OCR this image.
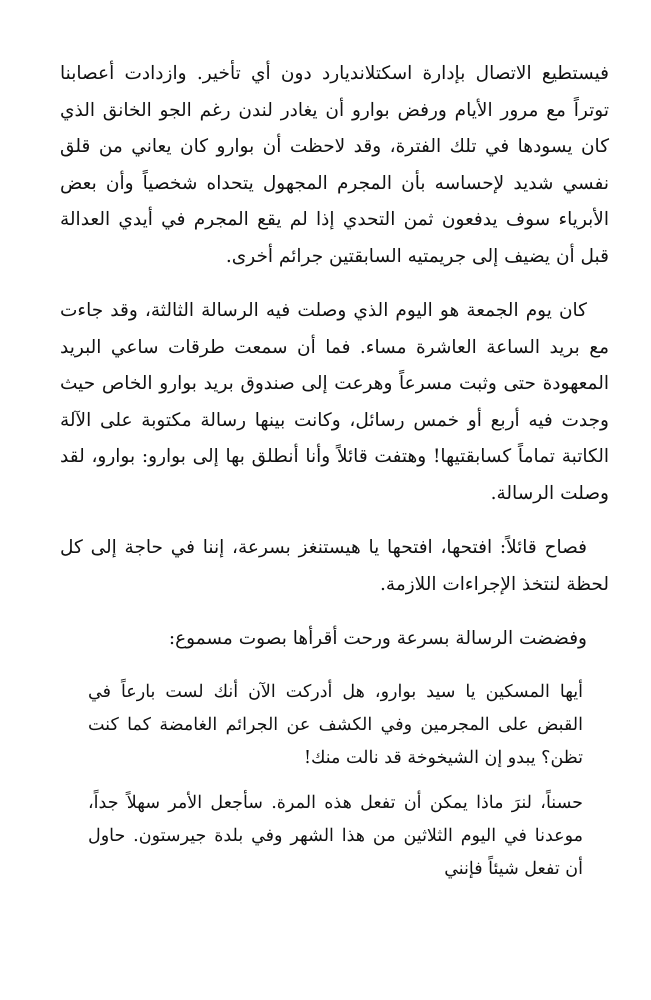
فيستطيع الاتصال بإدارة اسكتلانديارد دون أي تأخير. وازدادت أعصابنا توتراً مع مرور الأيام ورفض بوارو أن يغادر لندن رغم الجو الخانق الذي كان يسودها في تلك الفترة، وقد لاحظت أن بوارو كان يعاني من قلق نفسي شديد لإحساسه بأن المجرم المجهول يتحداه شخصياً وأن بعض الأبرياء سوف يدفعون ثمن التحدي إذا لم يقع المجرم في أيدي العدالة قبل أن يضيف إلى جريمتيه السابقتين جرائم أخرى.

كان يوم الجمعة هو اليوم الذي وصلت فيه الرسالة الثالثة، وقد جاءت مع بريد الساعة العاشرة مساء. فما أن سمعت طرقات ساعي البريد المعهودة حتى وثبت مسرعاً وهرعت إلى صندوق بريد بوارو الخاص حيث وجدت فيه أربع أو خمس رسائل، وكانت بينها رسالة مكتوبة على الآلة الكاتبة تماماً كسابقتيها! وهتفت قائلاً وأنا أنطلق بها إلى بوارو: بوارو، لقد وصلت الرسالة.

فصاح قائلاً: افتحها، افتحها يا هيستنغز بسرعة، إننا في حاجة إلى كل لحظة لنتخذ الإجراءات اللازمة.

وفضضت الرسالة بسرعة ورحت أقرأها بصوت مسموع:

أيها المسكين يا سيد بوارو، هل أدركت الآن أنك لست بارعاً في القبض على المجرمين وفي الكشف عن الجرائم الغامضة كما كنت تظن؟ يبدو إن الشيخوخة قد نالت منك!

حسناً، لنرَ ماذا يمكن أن تفعل هذه المرة. سأجعل الأمر سهلاً جداً، موعدنا في اليوم الثلاثين من هذا الشهر وفي بلدة جيرستون. حاول أن تفعل شيئاً فإنني
